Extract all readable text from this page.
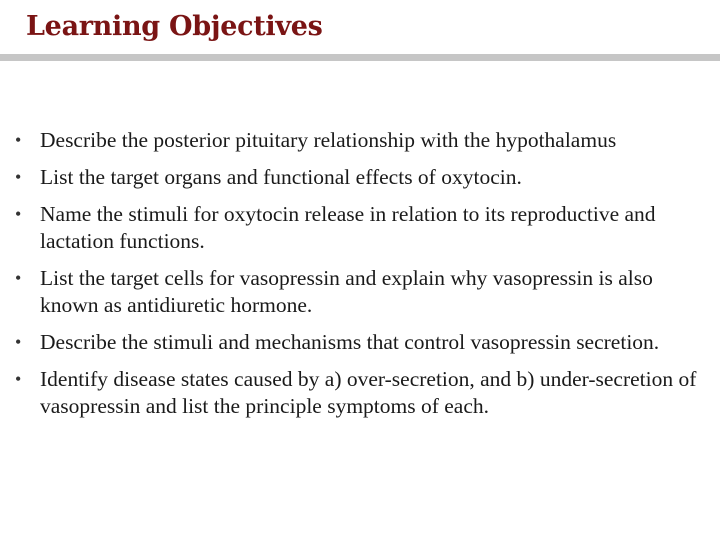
Learning Objectives
• Describe the posterior pituitary relationship with the hypothalamus
• List the target organs and functional effects of oxytocin.
• Name the stimuli for oxytocin release in relation to its reproductive and lactation functions.
• List the target cells for vasopressin and explain why vasopressin is also known as antidiuretic hormone.
• Describe the stimuli and mechanisms that control vasopressin secretion.
• Identify disease states caused by a) over-secretion, and b) under-secretion of vasopressin and list the principle symptoms of each.
